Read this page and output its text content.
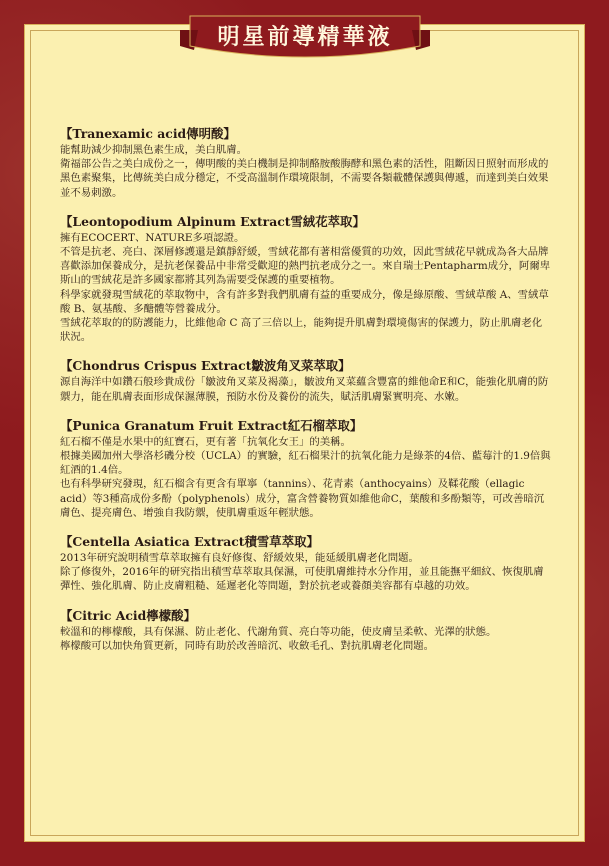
明星前導精華液
【Tranexamic acid傳明酸】

能幫助減少抑制黑色素生成，美白肌膚。

衛福部公告之美白成份之一，傳明酸的美白機制是抑制酪胺酸脢酵和黑色素的活性，阻斷因日照射而形成的黑色素聚集，比傳統美白成分穩定，不受高溫制作環境限制，不需要各類載體保護與傳遞，而達到美白效果並不易刺激。

【Leontopodium Alpinum Extract雪絨花萃取】

擁有ECOCERT、NATURE多項認證。

不管是抗老、亮白、深層修護還是鎮靜舒緩，雪絨花都有著相當優質的功效，因此雪絨花早就成為各大品牌喜歡添加保養成分，是抗老保養品中非常受歡迎的熱門抗老成分之一。來自瑞士Pentapharm成分，阿爾卑斯山的雪絨花是許多國家都將其列為需要受保護的重要植物。

科學家就發現雪絨花的萃取物中，含有許多對我們肌膚有益的重要成分，像是綠原酸、雪絨草酸 A、雪絨草酸 B、氨基酸、多醣體等營養成分。

雪絨花萃取的的防護能力，比維他命 C 高了三倍以上，能夠提升肌膚對環境傷害的保護力，防止肌膚老化狀況。

【Chondrus Crispus Extract皺波角叉菜萃取】

源自海洋中如鑽石般珍貴成份「皺波角叉菜及褐藻」，皺波角叉菜蘊含豐富的維他命E和C，能強化肌膚的防禦力，能在肌膚表面形成保濕薄膜，預防水份及養份的流失，賦活肌膚緊實明亮、水嫩。

【Punica Granatum Fruit Extract紅石榴萃取】

紅石榴不僅是水果中的紅寶石，更有著「抗氧化女王」的美稱。

根據美國加州大學洛杉磯分校（UCLA）的實驗，紅石榴果汁的抗氧化能力是綠茶的4倍、藍莓汁的1.9倍與紅酒的1.4倍。

也有科學研究發現，紅石榴含有更含有單寧（tannins）、花青素（anthocyains）及鞣花酸（ellagic acid）等3種高成份多酚（polyphenols）成分，富含營養物質如維他命C，葉酸和多酚類等，可改善暗沉膚色、提亮膚色、增強自我防禦，使肌膚重返年輕狀態。

【Centella Asiatica Extract積雪草萃取】

2013年研究說明積雪草萃取擁有良好修復、舒緩效果，能延緩肌膚老化問題。

除了修復外，2016年的研究指出積雪草萃取具保濕，可使肌膚維持水分作用，並且能撫平細紋、恢復肌膚彈性、強化肌膚、防止皮膚粗糙、延遲老化等問題，對於抗老或養顏美容都有卓越的功效。

【Citric Acid檸檬酸】

較溫和的檸檬酸，具有保濕、防止老化、代謝角質、亮白等功能，使皮膚呈柔軟、光澤的狀態。

檸檬酸可以加快角質更新，同時有助於改善暗沉、收斂毛孔、對抗肌膚老化問題。
